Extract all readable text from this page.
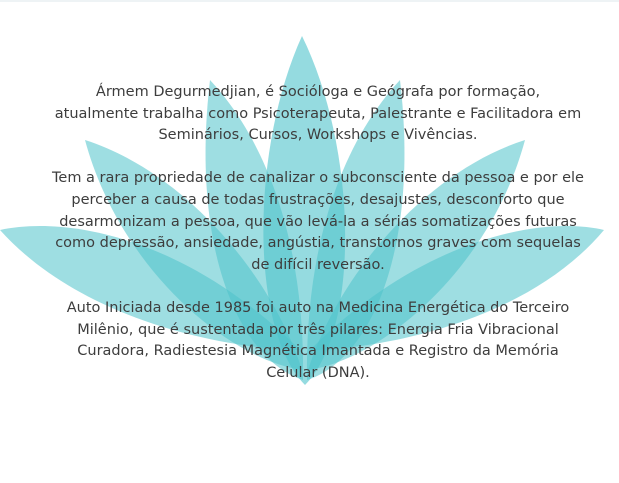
Ármem Degurmedjian, é Socióloga e Geógrafa por formação, atualmente trabalha como Psicoterapeuta, Palestrante e Facilitadora em Seminários, Cursos, Workshops e Vivências.

Tem a rara propriedade de canalizar o subconsciente da pessoa e por ele perceber a causa de todas frustrações, desajustes, desconforto que desarmonizam a pessoa, que vão levá-la a sérias somatizações futuras como depressão, ansiedade, angústia, transtornos graves com sequelas de difícil reversão.

Auto Iniciada desde 1985 foi auto na Medicina Energética do Terceiro Milênio, que é sustentada por três pilares: Energia Fria Vibracional Curadora, Radiestesia Magnética Imantada e Registro da Memória Celular (DNA).
